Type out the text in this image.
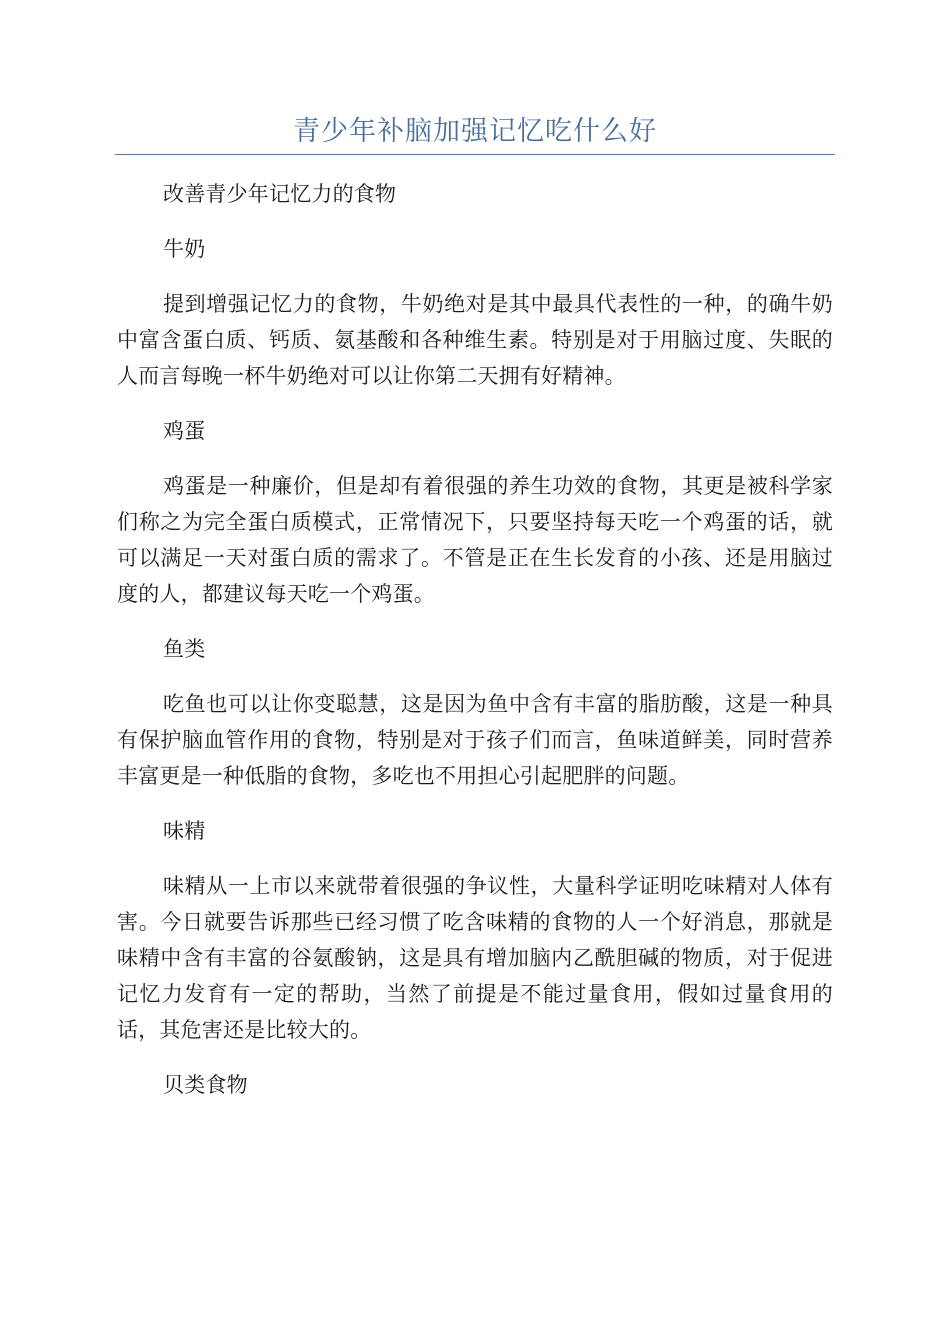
青少年补脑加强记忆吃什么好

改善青少年记忆力的食物

牛奶

提到增强记忆力的食物，牛奶绝对是其中最具代表性的一种，的确牛奶中富含蛋白质、钙质、氨基酸和各种维生素。特别是对于用脑过度、失眠的人而言每晚一杯牛奶绝对可以让你第二天拥有好精神。

鸡蛋

鸡蛋是一种廉价，但是却有着很强的养生功效的食物，其更是被科学家们称之为完全蛋白质模式，正常情况下，只要坚持每天吃一个鸡蛋的话，就可以满足一天对蛋白质的需求了。不管是正在生长发育的小孩、还是用脑过度的人，都建议每天吃一个鸡蛋。

鱼类

吃鱼也可以让你变聪慧，这是因为鱼中含有丰富的脂肪酸，这是一种具有保护脑血管作用的食物，特别是对于孩子们而言，鱼味道鲜美，同时营养丰富更是一种低脂的食物，多吃也不用担心引起肥胖的问题。

味精

味精从一上市以来就带着很强的争议性，大量科学证明吃味精对人体有害。今日就要告诉那些已经习惯了吃含味精的食物的人一个好消息，那就是味精中含有丰富的谷氨酸钠，这是具有增加脑内乙酰胆碱的物质，对于促进记忆力发育有一定的帮助，当然了前提是不能过量食用，假如过量食用的话，其危害还是比较大的。

贝类食物
